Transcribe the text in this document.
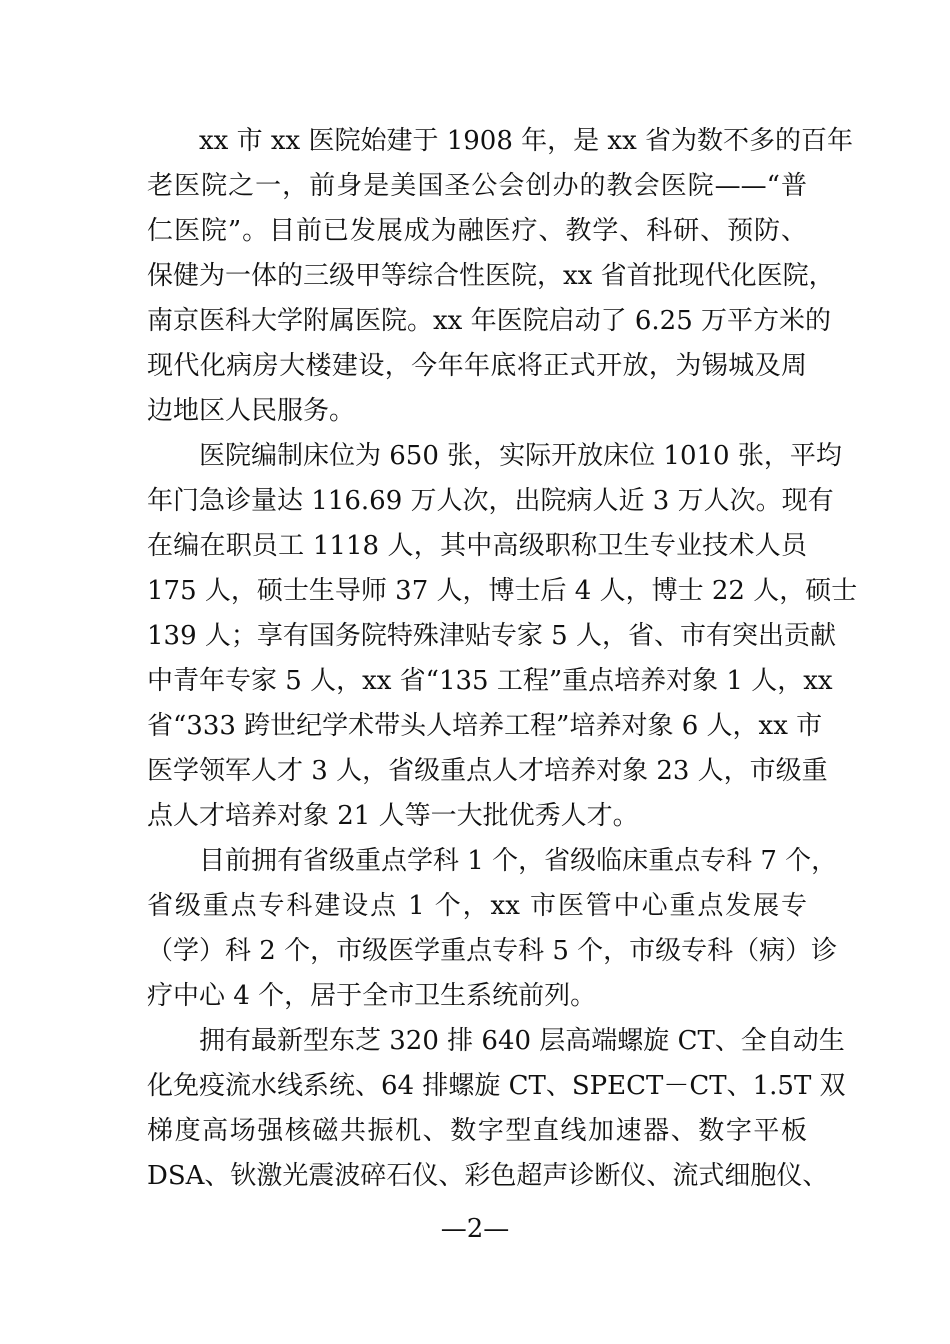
xx 市 xx 医院始建于 1908 年，是 xx 省为数不多的百年
老医院之一，前身是美国圣公会创办的教会医院——“普
仁医院”。目前已发展成为融医疗、教学、科研、预防、
保健为一体的三级甲等综合性医院，xx 省首批现代化医院，
南京医科大学附属医院。xx 年医院启动了 6.25 万平方米的
现代化病房大楼建设，今年年底将正式开放，为锡城及周
边地区人民服务。
医院编制床位为 650 张，实际开放床位 1010 张，平均
年门急诊量达 116.69 万人次，出院病人近 3 万人次。现有
在编在职员工 1118 人，其中高级职称卫生专业技术人员
175 人，硕士生导师 37 人，博士后 4 人，博士 22 人，硕士
139 人；享有国务院特殊津贴专家 5 人，省、市有突出贡献
中青年专家 5 人，xx 省“135 工程”重点培养对象 1 人，xx
省“333 跨世纪学术带头人培养工程”培养对象 6 人，xx 市
医学领军人才 3 人，省级重点人才培养对象 23 人，市级重
点人才培养对象 21 人等一大批优秀人才。
目前拥有省级重点学科 1 个，省级临床重点专科 7 个，
省级重点专科建设点 1 个，xx 市医管中心重点发展专
（学）科 2 个，市级医学重点专科 5 个，市级专科（病）诊
疗中心 4 个，居于全市卫生系统前列。
拥有最新型东芝 320 排 640 层高端螺旋 CT、全自动生
化免疫流水线系统、64 排螺旋 CT、SPECT－CT、1.5T 双
梯度高场强核磁共振机、数字型直线加速器、数字平板
DSA、钬激光震波碎石仪、彩色超声诊断仪、流式细胞仪、
—2—
